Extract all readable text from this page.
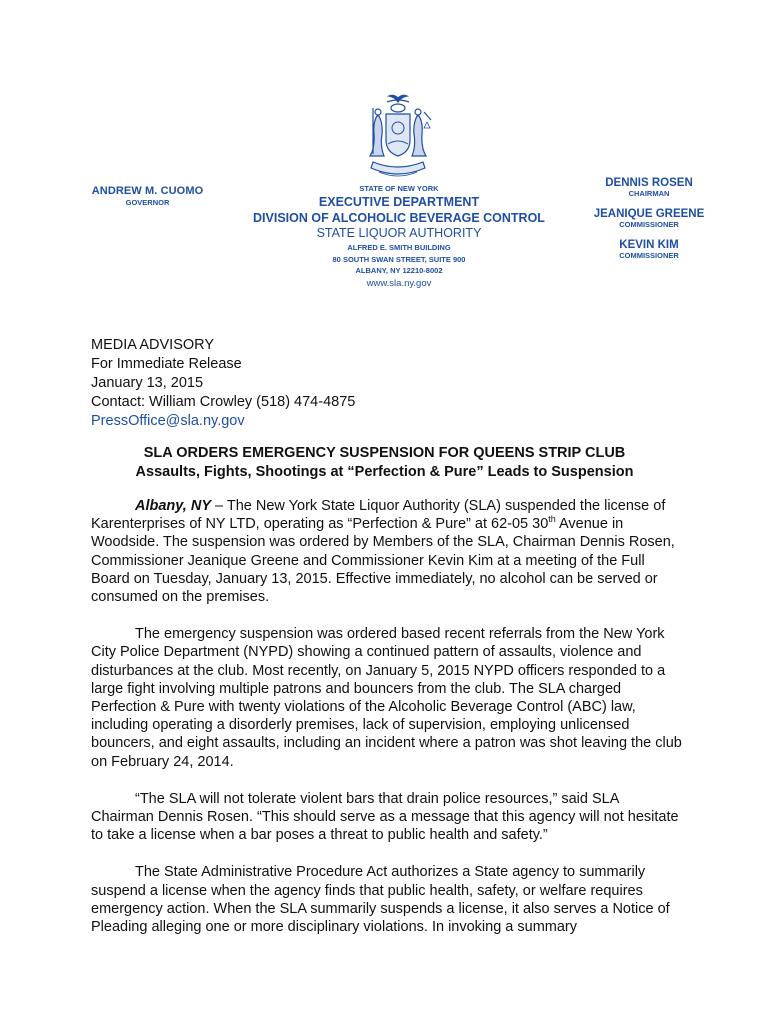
ANDREW M. CUOMO
GOVERNOR
STATE OF NEW YORK
EXECUTIVE DEPARTMENT
DIVISION OF ALCOHOLIC BEVERAGE CONTROL
STATE LIQUOR AUTHORITY
ALFRED E. SMITH BUILDING
80 SOUTH SWAN STREET, SUITE 900
ALBANY, NY 12210-8002
www.sla.ny.gov
DENNIS ROSEN
CHAIRMAN
JEANIQUE GREENE
COMMISSIONER
KEVIN KIM
COMMISSIONER
MEDIA ADVISORY
For Immediate Release
January 13, 2015
Contact: William Crowley (518) 474-4875
PressOffice@sla.ny.gov
SLA ORDERS EMERGENCY SUSPENSION FOR QUEENS STRIP CLUB
Assaults, Fights, Shootings at “Perfection & Pure” Leads to Suspension

Albany, NY – The New York State Liquor Authority (SLA) suspended the license of Karenterprises of NY LTD, operating as “Perfection & Pure” at 62-05 30th Avenue in Woodside. The suspension was ordered by Members of the SLA, Chairman Dennis Rosen, Commissioner Jeanique Greene and Commissioner Kevin Kim at a meeting of the Full Board on Tuesday, January 13, 2015. Effective immediately, no alcohol can be served or consumed on the premises.

The emergency suspension was ordered based recent referrals from the New York City Police Department (NYPD) showing a continued pattern of assaults, violence and disturbances at the club. Most recently, on January 5, 2015 NYPD officers responded to a large fight involving multiple patrons and bouncers from the club. The SLA charged Perfection & Pure with twenty violations of the Alcoholic Beverage Control (ABC) law, including operating a disorderly premises, lack of supervision, employing unlicensed bouncers, and eight assaults, including an incident where a patron was shot leaving the club on February 24, 2014.

“The SLA will not tolerate violent bars that drain police resources,” said SLA Chairman Dennis Rosen. “This should serve as a message that this agency will not hesitate to take a license when a bar poses a threat to public health and safety.”

The State Administrative Procedure Act authorizes a State agency to summarily suspend a license when the agency finds that public health, safety, or welfare requires emergency action. When the SLA summarily suspends a license, it also serves a Notice of Pleading alleging one or more disciplinary violations. In invoking a summary
